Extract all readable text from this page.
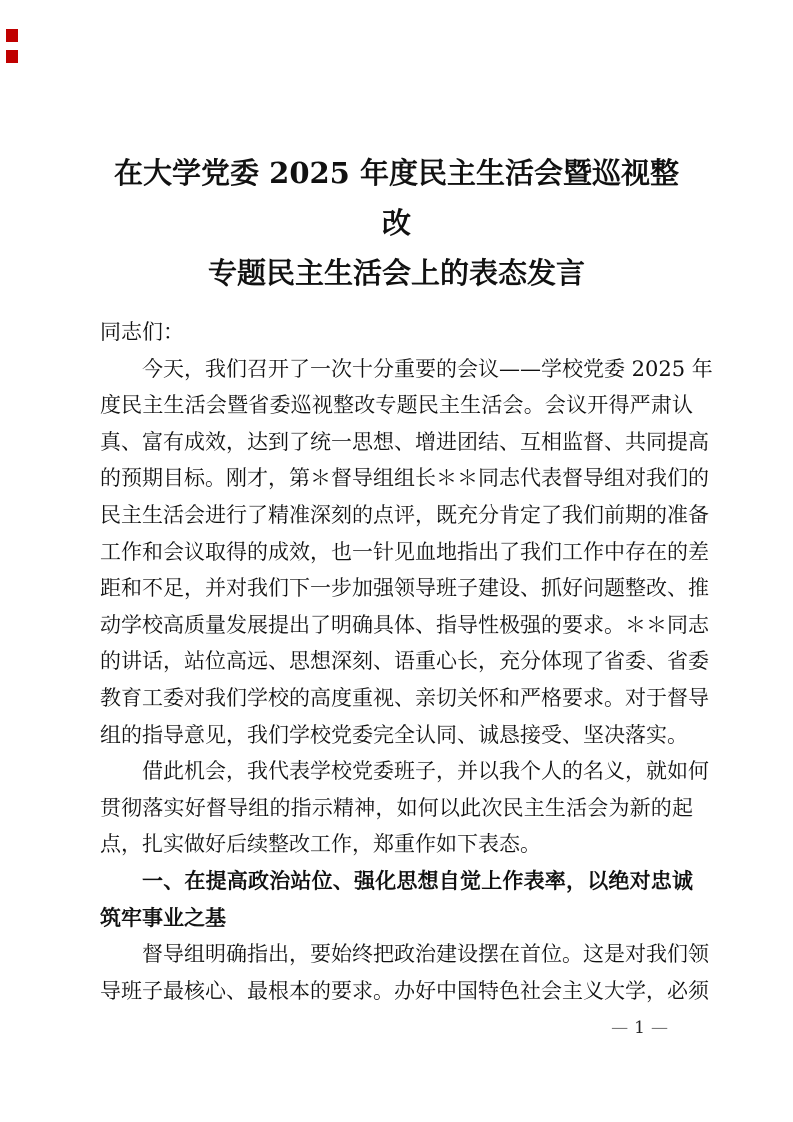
在大学党委 2025 年度民主生活会暨巡视整改
专题民主生活会上的表态发言
同志们：
今天，我们召开了一次十分重要的会议——学校党委 2025 年
度民主生活会暨省委巡视整改专题民主生活会。会议开得严肃认
真、富有成效，达到了统一思想、增进团结、互相监督、共同提高
的预期目标。刚才，第＊督导组组长＊＊同志代表督导组对我们的
民主生活会进行了精准深刻的点评，既充分肯定了我们前期的准备
工作和会议取得的成效，也一针见血地指出了我们工作中存在的差
距和不足，并对我们下一步加强领导班子建设、抓好问题整改、推
动学校高质量发展提出了明确具体、指导性极强的要求。＊＊同志
的讲话，站位高远、思想深刻、语重心长，充分体现了省委、省委
教育工委对我们学校的高度重视、亲切关怀和严格要求。对于督导
组的指导意见，我们学校党委完全认同、诚恳接受、坚决落实。
借此机会，我代表学校党委班子，并以我个人的名义，就如何
贯彻落实好督导组的指示精神，如何以此次民主生活会为新的起
点，扎实做好后续整改工作，郑重作如下表态。
一、在提高政治站位、强化思想自觉上作表率，以绝对忠诚
筑牢事业之基
督导组明确指出，要始终把政治建设摆在首位。这是对我们领
导班子最核心、最根本的要求。办好中国特色社会主义大学，必须
— 1 —
